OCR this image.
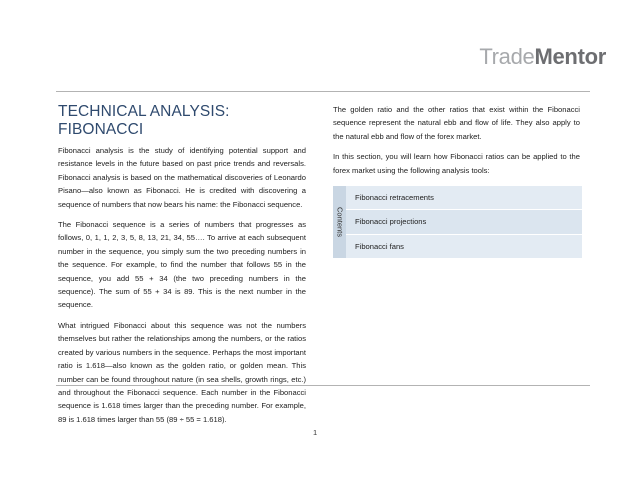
TradeMentor
TECHNICAL ANALYSIS: FIBONACCI

Fibonacci analysis is the study of identifying potential support and resistance levels in the future based on past price trends and reversals. Fibonacci analysis is based on the mathematical discoveries of Leonardo Pisano—also known as Fibonacci. He is credited with discovering a sequence of numbers that now bears his name: the Fibonacci sequence.

The Fibonacci sequence is a series of numbers that progresses as follows, 0, 1, 1, 2, 3, 5, 8, 13, 21, 34, 55…. To arrive at each subsequent number in the sequence, you simply sum the two preceding numbers in the sequence. For example, to find the number that follows 55 in the sequence, you add 55 + 34 (the two preceding numbers in the sequence). The sum of 55 + 34 is 89. This is the next number in the sequence.

What intrigued Fibonacci about this sequence was not the numbers themselves but rather the relationships among the numbers, or the ratios created by various numbers in the sequence. Perhaps the most important ratio is 1.618—also known as the golden ratio, or golden mean. This number can be found throughout nature (in sea shells, growth rings, etc.) and throughout the Fibonacci sequence. Each number in the Fibonacci sequence is 1.618 times larger than the preceding number. For example, 89 is 1.618 times larger than 55 (89 ÷ 55 = 1.618).

The golden ratio and the other ratios that exist within the Fibonacci sequence represent the natural ebb and flow of life. They also apply to the natural ebb and flow of the forex market.

In this section, you will learn how Fibonacci ratios can be applied to the forex market using the following analysis tools:

Contents
Fibonacci retracements
Fibonacci projections
Fibonacci fans
1
